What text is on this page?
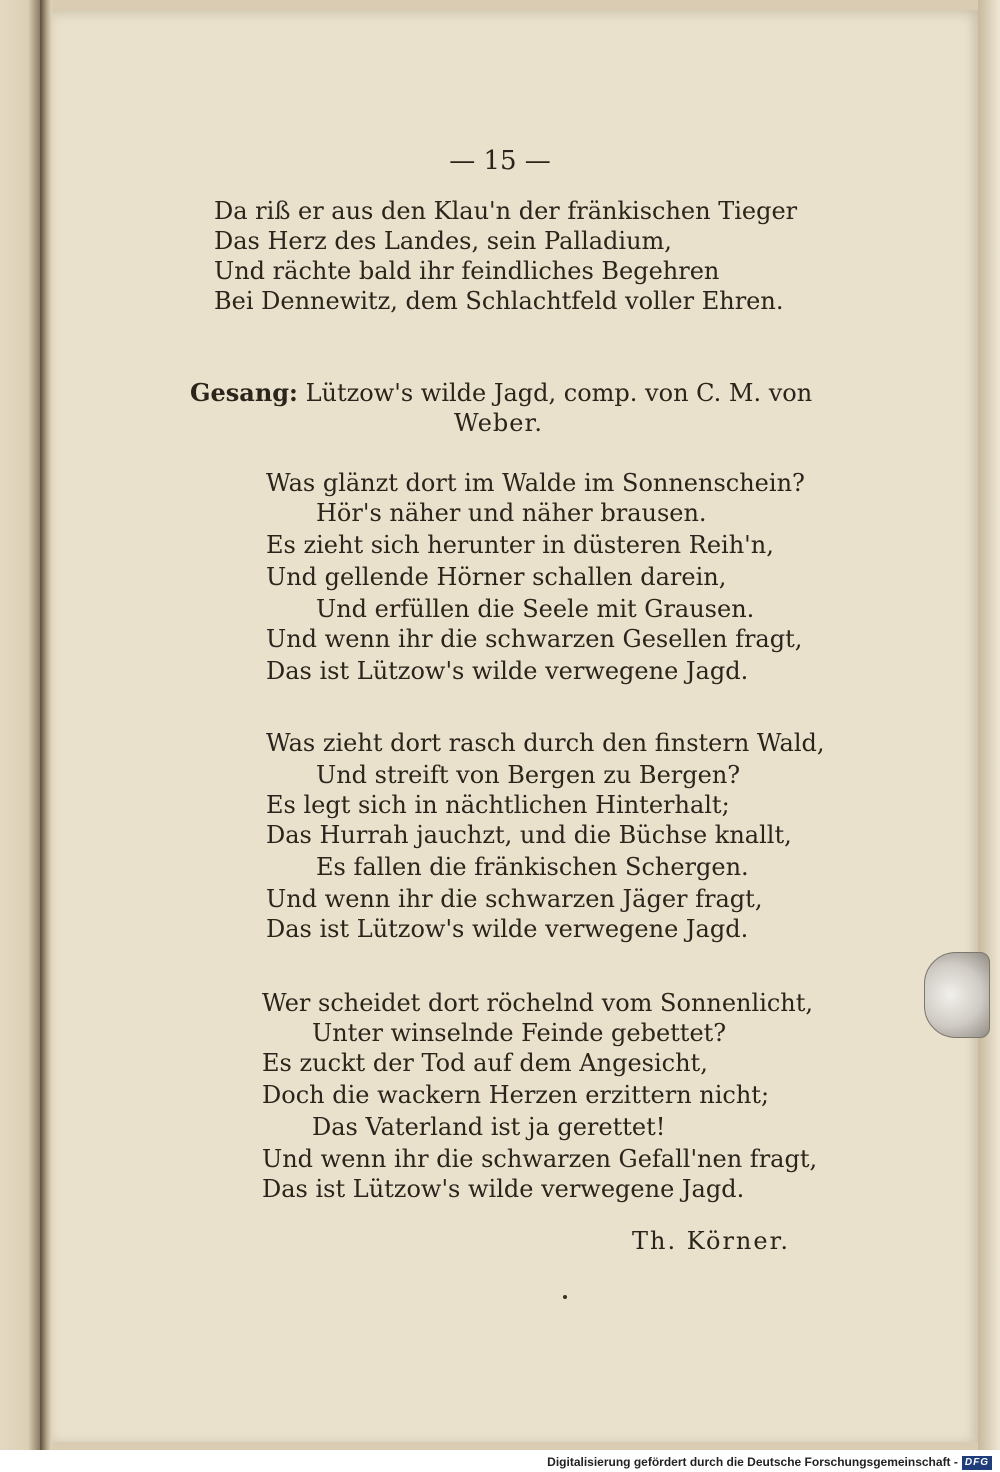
— 15 —
Da riß er aus den Klau'n der fränkischen Tieger
Das Herz des Landes, sein Palladium,
Und rächte bald ihr feindliches Begehren
Bei Dennewitz, dem Schlachtfeld voller Ehren.
Gesang: Lützow's wilde Jagd, comp. von C. M. von
Weber.
Was glänzt dort im Walde im Sonnenschein?
Hör's näher und näher brausen.
Es zieht sich herunter in düsteren Reih'n,
Und gellende Hörner schallen darein,
Und erfüllen die Seele mit Grausen.
Und wenn ihr die schwarzen Gesellen fragt,
Das ist Lützow's wilde verwegene Jagd.
Was zieht dort rasch durch den finstern Wald,
Und streift von Bergen zu Bergen?
Es legt sich in nächtlichen Hinterhalt;
Das Hurrah jauchzt, und die Büchse knallt,
Es fallen die fränkischen Schergen.
Und wenn ihr die schwarzen Jäger fragt,
Das ist Lützow's wilde verwegene Jagd.
Wer scheidet dort röchelnd vom Sonnenlicht,
Unter winselnde Feinde gebettet?
Es zuckt der Tod auf dem Angesicht,
Doch die wackern Herzen erzittern nicht;
Das Vaterland ist ja gerettet!
Und wenn ihr die schwarzen Gefall'nen fragt,
Das ist Lützow's wilde verwegene Jagd.
Th. Körner.
Digitalisierung gefördert durch die Deutsche Forschungsgemeinschaft - DFG
